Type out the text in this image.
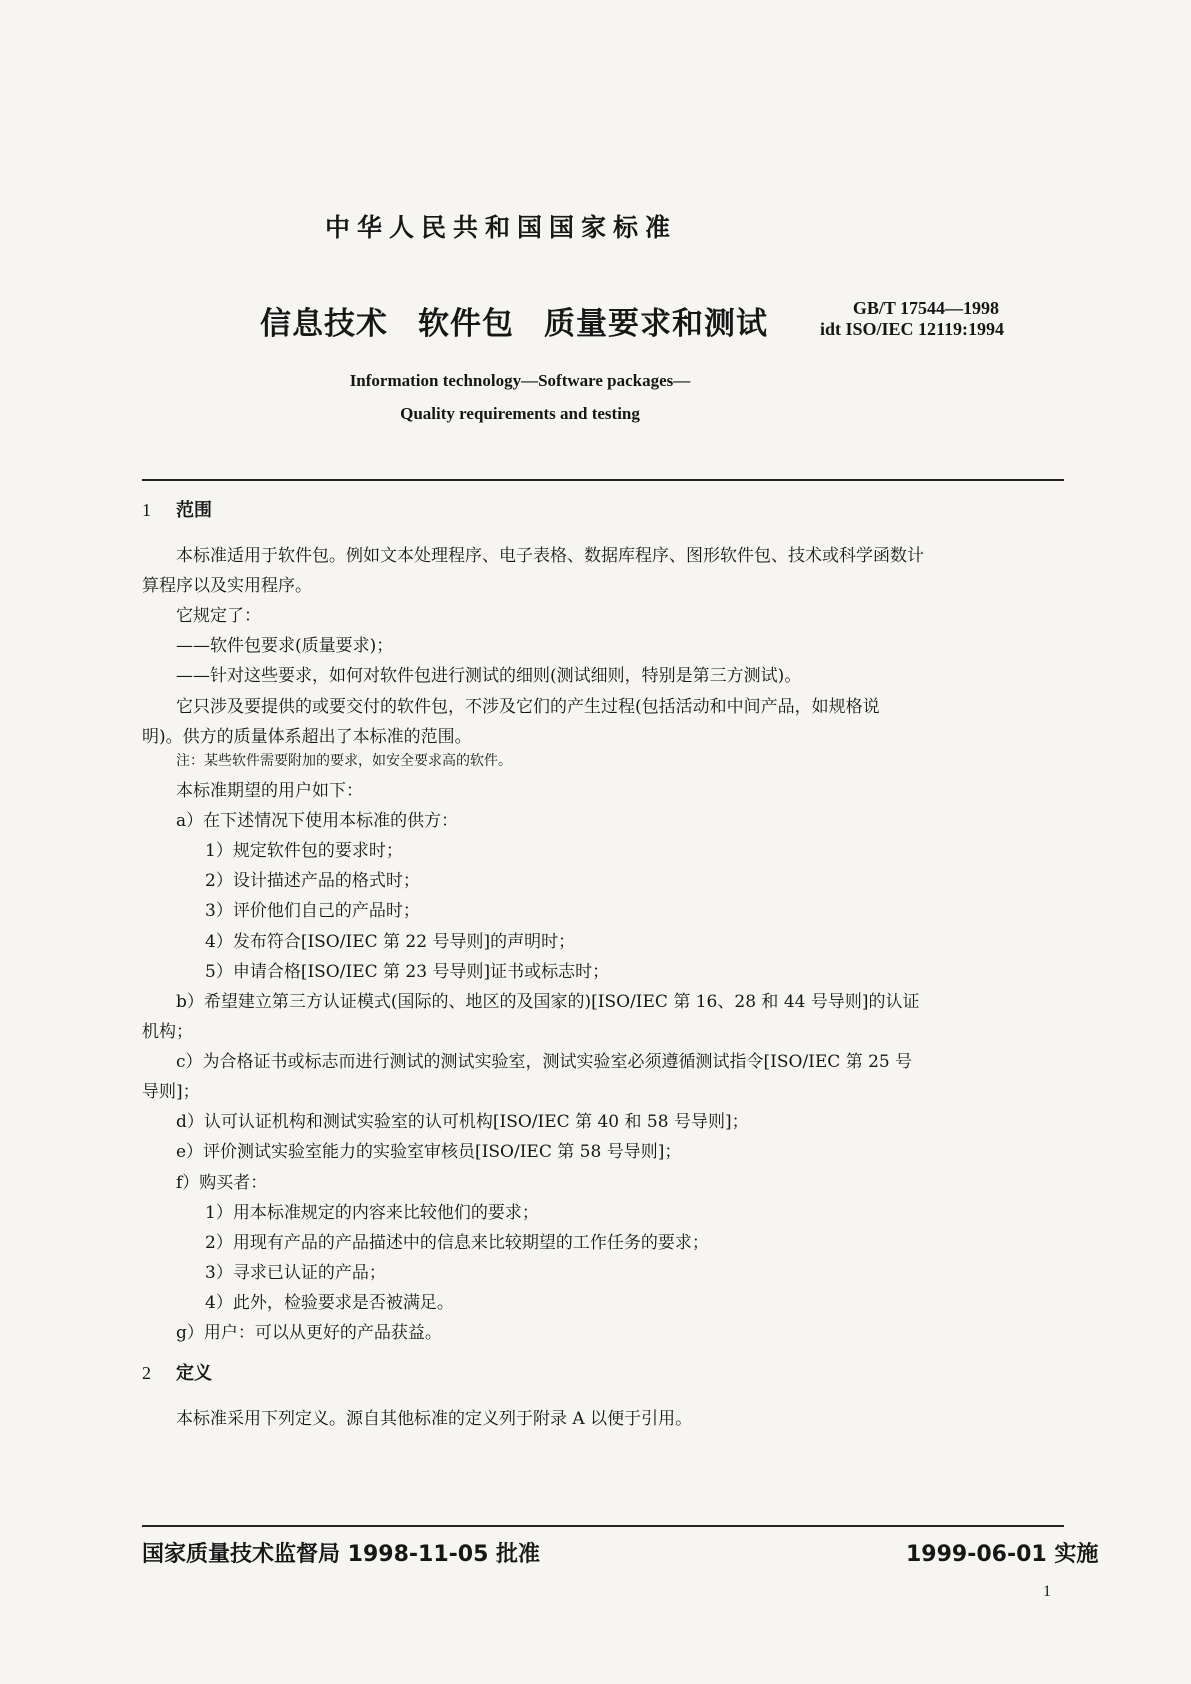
中华人民共和国国家标准
信息技术 软件包 质量要求和测试	GB/T 17544—1998
idt ISO/IEC 12119:1994
Information technology—Software packages—
Quality requirements and testing
1 范围
本标准适用于软件包。例如文本处理程序、电子表格、数据库程序、图形软件包、技术或科学函数计
算程序以及实用程序。
它规定了：
——软件包要求(质量要求)；
——针对这些要求，如何对软件包进行测试的细则(测试细则，特别是第三方测试)。
它只涉及要提供的或要交付的软件包，不涉及它们的产生过程(包括活动和中间产品，如规格说
明)。供方的质量体系超出了本标准的范围。
注：某些软件需要附加的要求，如安全要求高的软件。
本标准期望的用户如下：
a）在下述情况下使用本标准的供方：
1）规定软件包的要求时；
2）设计描述产品的格式时；
3）评价他们自己的产品时；
4）发布符合[ISO/IEC 第 22 号导则]的声明时；
5）申请合格[ISO/IEC 第 23 号导则]证书或标志时；
b）希望建立第三方认证模式(国际的、地区的及国家的)[ISO/IEC 第 16、28 和 44 号导则]的认证
机构；
c）为合格证书或标志而进行测试的测试实验室，测试实验室必须遵循测试指令[ISO/IEC 第 25 号
导则]；
d）认可认证机构和测试实验室的认可机构[ISO/IEC 第 40 和 58 号导则]；
e）评价测试实验室能力的实验室审核员[ISO/IEC 第 58 号导则]；
f）购买者：
1）用本标准规定的内容来比较他们的要求；
2）用现有产品的产品描述中的信息来比较期望的工作任务的要求；
3）寻求已认证的产品；
4）此外，检验要求是否被满足。
g）用户：可以从更好的产品获益。
2 定义
本标准采用下列定义。源自其他标准的定义列于附录 A 以便于引用。
国家质量技术监督局 1998-11-05 批准	1999-06-01 实施
1
